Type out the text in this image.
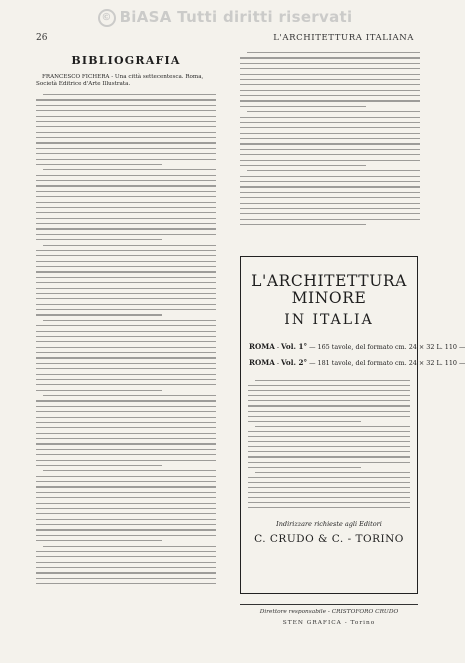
© BiASA Tutti diritti riservati
26	L'ARCHITETTURA ITALIANA
BIBLIOGRAFIA
FRANCESCO FICHERA - Una città settecentesca. Roma, Società Editrice d'Arte Illustrata.
L'ARCHITETTURA MINORE
IN ITALIA
ROMA - Vol. 1° — 165 tavole, del formato cm. 24 × 32 L. 110 —
ROMA - Vol. 2° — 181 tavole, del formato cm. 24 × 32 L. 110 —
Indirizzare richieste agli Editori
C. CRUDO & C. - TORINO
Direttore responsabile - CRISTOFORO CRUDO
STEN GRAFICA - Torino
